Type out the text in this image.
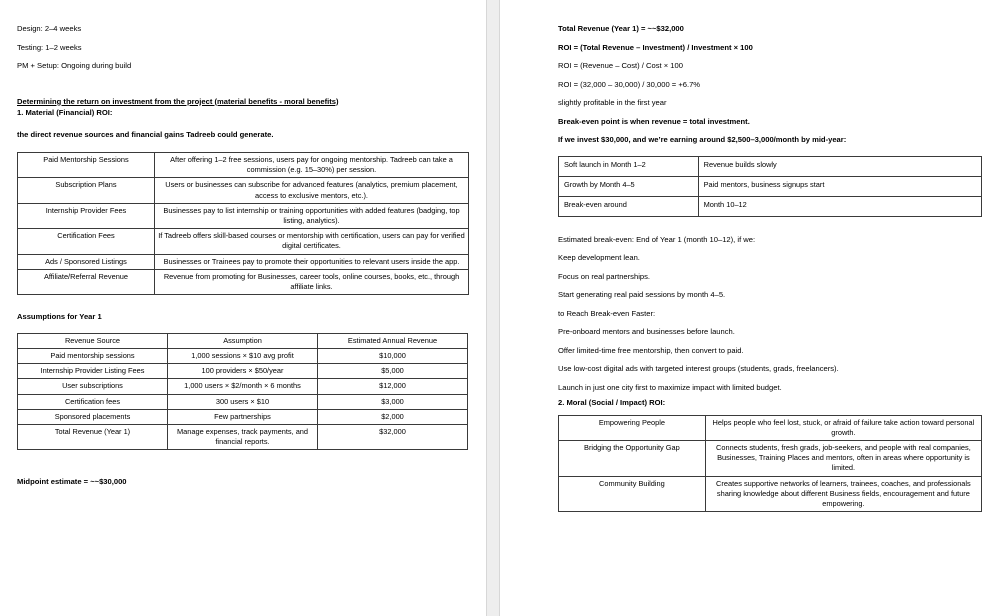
Design: 2–4 weeks

Testing: 1–2 weeks

PM + Setup: Ongoing during build

Determining the return on investment from the project (material benefits - moral benefits)

1. Material (Financial) ROI:

the direct revenue sources and financial gains Tadreeb could generate.

Paid Mentorship Sessions	After offering 1–2 free sessions, users pay for ongoing mentorship. Tadreeb can take a commission (e.g. 15–30%) per session.
Subscription Plans	Users or businesses can subscribe for advanced features (analytics, premium placement, access to exclusive mentors, etc.).
Internship Provider Fees	Businesses pay to list internship or training opportunities with added features (badging, top listing, analytics).
Certification Fees	If Tadreeb offers skill-based courses or mentorship with certification, users can pay for verified digital certificates.
Ads / Sponsored Listings	Businesses or Trainees pay to promote their opportunities to relevant users inside the app.
Affiliate/Referral Revenue	Revenue from promoting for Businesses, career tools, online courses, books, etc., through affiliate links.

Assumptions for Year 1

Revenue Source	Assumption	Estimated Annual Revenue
Paid mentorship sessions	1,000 sessions × $10 avg profit	$10,000
Internship Provider Listing Fees	100 providers × $50/year	$5,000
User subscriptions	1,000 users × $2/month × 6 months	$12,000
Certification fees	300 users × $10	$3,000
Sponsored placements	Few partnerships	$2,000
Total Revenue (Year 1)	Manage expenses, track payments, and financial reports.	$32,000

Midpoint estimate = ~~$30,000

Total Revenue (Year 1) = ~~$32,000

ROI = (Total Revenue – Investment) / Investment × 100

ROI = (Revenue – Cost) / Cost × 100

ROI = (32,000 – 30,000) / 30,000 = +6.7%

slightly profitable in the first year

Break-even point is when revenue = total investment.

If we invest $30,000, and we’re earning around $2,500–3,000/month by mid-year:

Soft launch in Month 1–2	Revenue builds slowly
Growth by Month 4–5	Paid mentors, business signups start
Break-even around	Month 10–12

Estimated break-even: End of Year 1 (month 10–12), if we:

Keep development lean.

Focus on real partnerships.

Start generating real paid sessions by month 4–5.

to Reach Break-even Faster:

Pre-onboard mentors and businesses before launch.

Offer limited-time free mentorship, then convert to paid.

Use low-cost digital ads with targeted interest groups (students, grads, freelancers).

Launch in just one city first to maximize impact with limited budget.

2. Moral (Social / Impact) ROI:

Empowering People	Helps people who feel lost, stuck, or afraid of failure take action toward personal growth.
Bridging the Opportunity Gap	Connects students, fresh grads, job-seekers, and people with real companies, Businesses, Training Places and mentors, often in areas where opportunity is limited.
Community Building	Creates supportive networks of learners, trainees, coaches, and professionals sharing knowledge about different Business fields, encouragement and future empowering.
